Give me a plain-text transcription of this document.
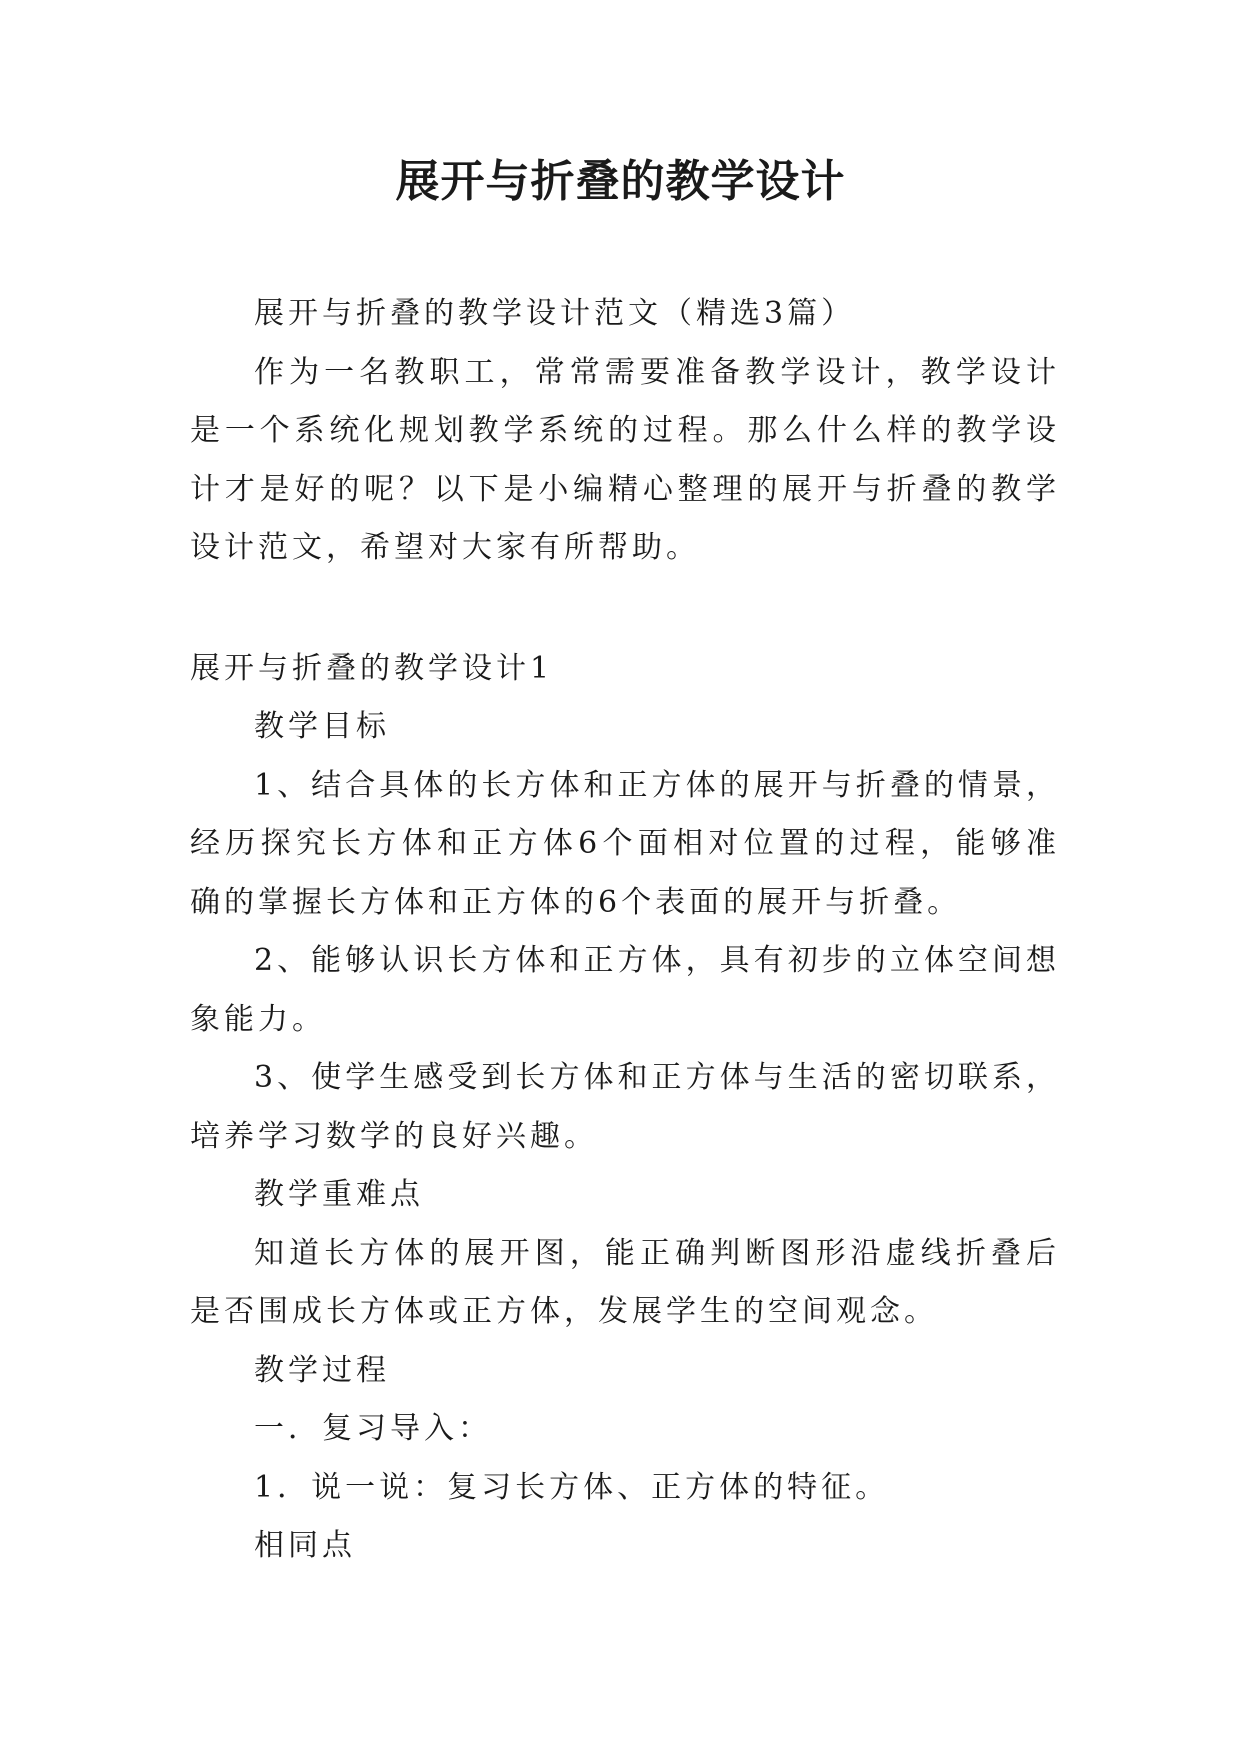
展开与折叠的教学设计

展开与折叠的教学设计范文（精选3篇）

作为一名教职工，常常需要准备教学设计，教学设计是一个系统化规划教学系统的过程。那么什么样的教学设计才是好的呢？以下是小编精心整理的展开与折叠的教学设计范文，希望对大家有所帮助。

展开与折叠的教学设计1

教学目标

1、结合具体的长方体和正方体的展开与折叠的情景，经历探究长方体和正方体6个面相对位置的过程，能够准确的掌握长方体和正方体的6个表面的展开与折叠。

2、能够认识长方体和正方体，具有初步的立体空间想象能力。

3、使学生感受到长方体和正方体与生活的密切联系，培养学习数学的良好兴趣。

教学重难点

知道长方体的展开图，能正确判断图形沿虚线折叠后是否围成长方体或正方体，发展学生的空间观念。

教学过程

一．复习导入：

1．说一说：复习长方体、正方体的特征。

相同点
